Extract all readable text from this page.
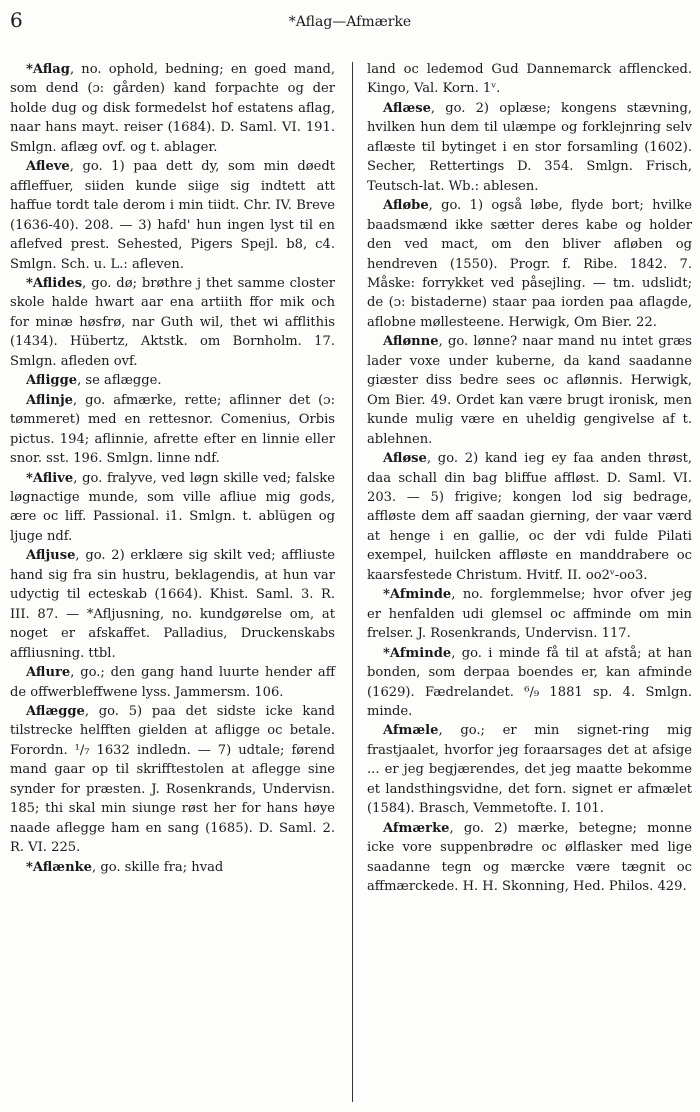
6	*Aflag—Afmærke

*Aflag, no. ophold, bedning; en goed mand, som dend (ɔ: gården) kand forpachte og der holde dug og disk formedelst hof estatens aflag, naar hans mayt. reiser (1684). D. Saml. VI. 191. Smlgn. aflæg ovf. og t. ablager.

Afleve, go. 1) paa dett dy, som min døedt affleffuer, siiden kunde siige sig indtett att haffue tordt tale derom i min tiidt. Chr. IV. Breve (1636-40). 208. — 3) hafd' hun ingen lyst til en aflefved prest. Sehested, Pigers Spejl. b8, c4. Smlgn. Sch. u. L.: afleven.

*Aflides, go. dø; brøthre j thet samme closter skole halde hwart aar ena artiith ffor mik och for minæ høsfrø, nar Guth wil, thet wi afflithis (1434). Hübertz, Aktstk. om Bornholm. 17. Smlgn. afleden ovf.

Afligge, se aflægge.

Aflinje, go. afmærke, rette; aflinner det (ɔ: tømmeret) med en rettesnor. Comenius, Orbis pictus. 194; aflinnie, afrette efter en linnie eller snor. sst. 196. Smlgn. linne ndf.

*Aflive, go. fralyve, ved løgn skille ved; falske løgnactige munde, som ville afliue mig gods, ære oc liff. Passional. i1. Smlgn. t. ablügen og ljuge ndf.

Afljuse, go. 2) erklære sig skilt ved; affliuste hand sig fra sin hustru, beklagendis, at hun var udyctig til ecteskab (1664). Khist. Saml. 3. R. III. 87. — *Afljusning, no. kundgørelse om, at noget er afskaffet. Palladius, Druckenskabs affliusning. ttbl.

Aflure, go.; den gang hand luurte hender aff de offwerbleffwene lyss. Jammersm. 106.

Aflægge, go. 5) paa det sidste icke kand tilstrecke helfften gielden at afligge oc betale. Forordn. ¹/₇ 1632 indledn. — 7) udtale; førend mand gaar op til skrifftestolen at aflegge sine synder for præsten. J. Rosenkrands, Undervisn. 185; thi skal min siunge røst her for hans høye naade aflegge ham en sang (1685). D. Saml. 2. R. VI. 225.

*Aflænke, go. skille fra; hvad

land oc ledemod Gud Dannemarck afflencked. Kingo, Val. Korn. 1ᵛ.

Aflæse, go. 2) oplæse; kongens stævning, hvilken hun dem til ulæmpe og forklejnring selv aflæste til bytinget i en stor forsamling (1602). Secher, Rettertings D. 354. Smlgn. Frisch, Teutsch-lat. Wb.: ablesen.

Afløbe, go. 1) også løbe, flyde bort; hvilke baadsmænd ikke sætter deres kabe og holder den ved mact, om den bliver afløben og hendreven (1550). Progr. f. Ribe. 1842. 7. Måske: forrykket ved påsejling. — tm. udslidt; de (ɔ: bistaderne) staar paa iorden paa aflagde, aflobne møllesteene. Herwigk, Om Bier. 22.

Aflønne, go. lønne? naar mand nu intet græs lader voxe under kuberne, da kand saadanne giæster diss bedre sees oc aflønnis. Herwigk, Om Bier. 49. Ordet kan være brugt ironisk, men kunde mulig være en uheldig gengivelse af t. ablehnen.

Afløse, go. 2) kand ieg ey faa anden thrøst, daa schall din bag bliffue affløst. D. Saml. VI. 203. — 5) frigive; kongen lod sig bedrage, affløste dem aff saadan gierning, der vaar værd at henge i en gallie, oc der vdi fulde Pilati exempel, huilcken affløste en manddrabere oc kaarsfestede Christum. Hvitf. II. oo2ᵛ-oo3.

*Afminde, no. forglemmelse; hvor ofver jeg er henfalden udi glemsel oc affminde om min frelser. J. Rosenkrands, Undervisn. 117.

*Afminde, go. i minde få til at afstå; at han bonden, som derpaa boendes er, kan afminde (1629). Fædrelandet. ⁶/₉ 1881 sp. 4. Smlgn. minde.

Afmæle, go.; er min signet-ring mig frastjaalet, hvorfor jeg foraarsages det at afsige ... er jeg begjærendes, det jeg maatte bekomme et landsthingsvidne, det forn. signet er afmælet (1584). Brasch, Vemmetofte. I. 101.

Afmærke, go. 2) mærke, betegne; monne icke vore suppenbrødre oc ølflasker med lige saadanne tegn og mærcke være tægnit oc affmærckede. H. H. Skonning, Hed. Philos. 429.
